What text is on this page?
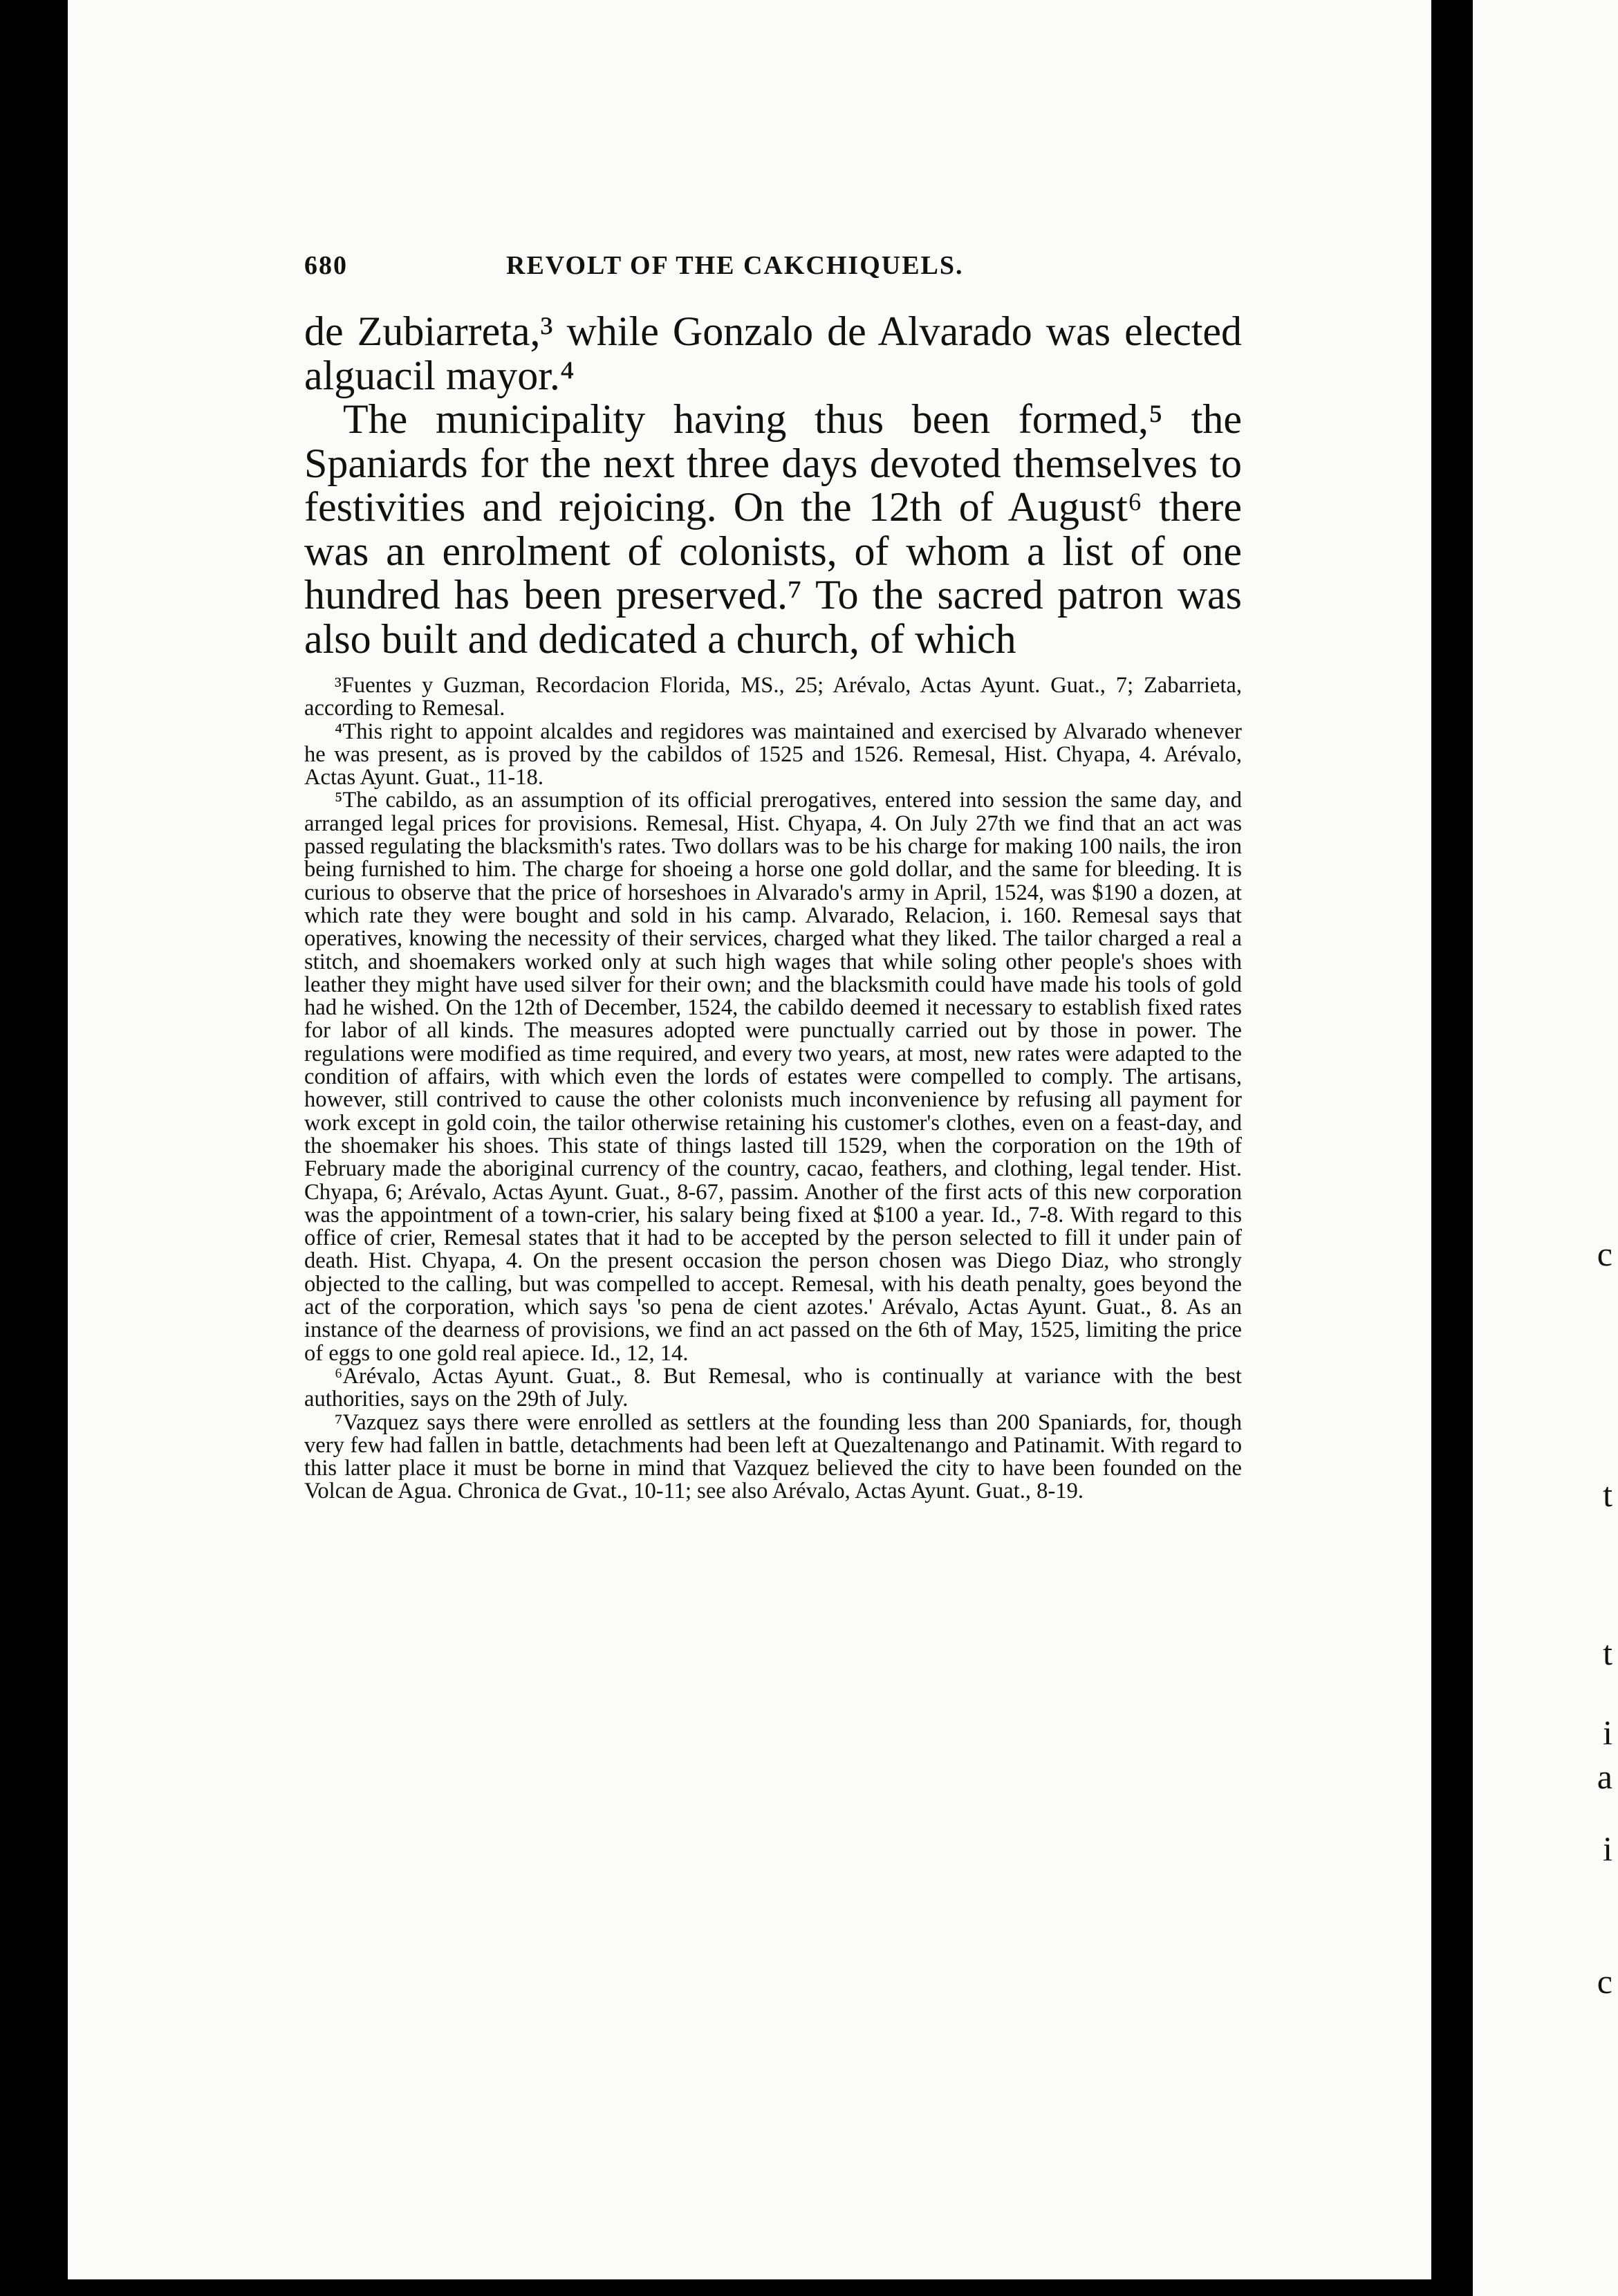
c
t
t
i
a
i
c
680	REVOLT OF THE CAKCHIQUELS.

de Zubiarreta,³ while Gonzalo de Alvarado was elected alguacil mayor.⁴

The municipality having thus been formed,⁵ the Spaniards for the next three days devoted themselves to festivities and rejoicing. On the 12th of August⁶ there was an enrolment of colonists, of whom a list of one hundred has been preserved.⁷ To the sacred patron was also built and dedicated a church, of which

³Fuentes y Guzman, Recordacion Florida, MS., 25; Arévalo, Actas Ayunt. Guat., 7; Zabarrieta, according to Remesal.

⁴This right to appoint alcaldes and regidores was maintained and exercised by Alvarado whenever he was present, as is proved by the cabildos of 1525 and 1526. Remesal, Hist. Chyapa, 4. Arévalo, Actas Ayunt. Guat., 11-18.

⁵The cabildo, as an assumption of its official prerogatives, entered into session the same day, and arranged legal prices for provisions. Remesal, Hist. Chyapa, 4. On July 27th we find that an act was passed regulating the blacksmith's rates. Two dollars was to be his charge for making 100 nails, the iron being furnished to him. The charge for shoeing a horse one gold dollar, and the same for bleeding. It is curious to observe that the price of horseshoes in Alvarado's army in April, 1524, was $190 a dozen, at which rate they were bought and sold in his camp. Alvarado, Relacion, i. 160. Remesal says that operatives, knowing the necessity of their services, charged what they liked. The tailor charged a real a stitch, and shoemakers worked only at such high wages that while soling other people's shoes with leather they might have used silver for their own; and the blacksmith could have made his tools of gold had he wished. On the 12th of December, 1524, the cabildo deemed it necessary to establish fixed rates for labor of all kinds. The measures adopted were punctually carried out by those in power. The regulations were modified as time required, and every two years, at most, new rates were adapted to the condition of affairs, with which even the lords of estates were compelled to comply. The artisans, however, still contrived to cause the other colonists much inconvenience by refusing all payment for work except in gold coin, the tailor otherwise retaining his customer's clothes, even on a feast-day, and the shoemaker his shoes. This state of things lasted till 1529, when the corporation on the 19th of February made the aboriginal currency of the country, cacao, feathers, and clothing, legal tender. Hist. Chyapa, 6; Arévalo, Actas Ayunt. Guat., 8-67, passim. Another of the first acts of this new corporation was the appointment of a town-crier, his salary being fixed at $100 a year. Id., 7-8. With regard to this office of crier, Remesal states that it had to be accepted by the person selected to fill it under pain of death. Hist. Chyapa, 4. On the present occasion the person chosen was Diego Diaz, who strongly objected to the calling, but was compelled to accept. Remesal, with his death penalty, goes beyond the act of the corporation, which says 'so pena de cient azotes.' Arévalo, Actas Ayunt. Guat., 8. As an instance of the dearness of provisions, we find an act passed on the 6th of May, 1525, limiting the price of eggs to one gold real apiece. Id., 12, 14.

⁶Arévalo, Actas Ayunt. Guat., 8. But Remesal, who is continually at variance with the best authorities, says on the 29th of July.

⁷Vazquez says there were enrolled as settlers at the founding less than 200 Spaniards, for, though very few had fallen in battle, detachments had been left at Quezaltenango and Patinamit. With regard to this latter place it must be borne in mind that Vazquez believed the city to have been founded on the Volcan de Agua. Chronica de Gvat., 10-11; see also Arévalo, Actas Ayunt. Guat., 8-19.
